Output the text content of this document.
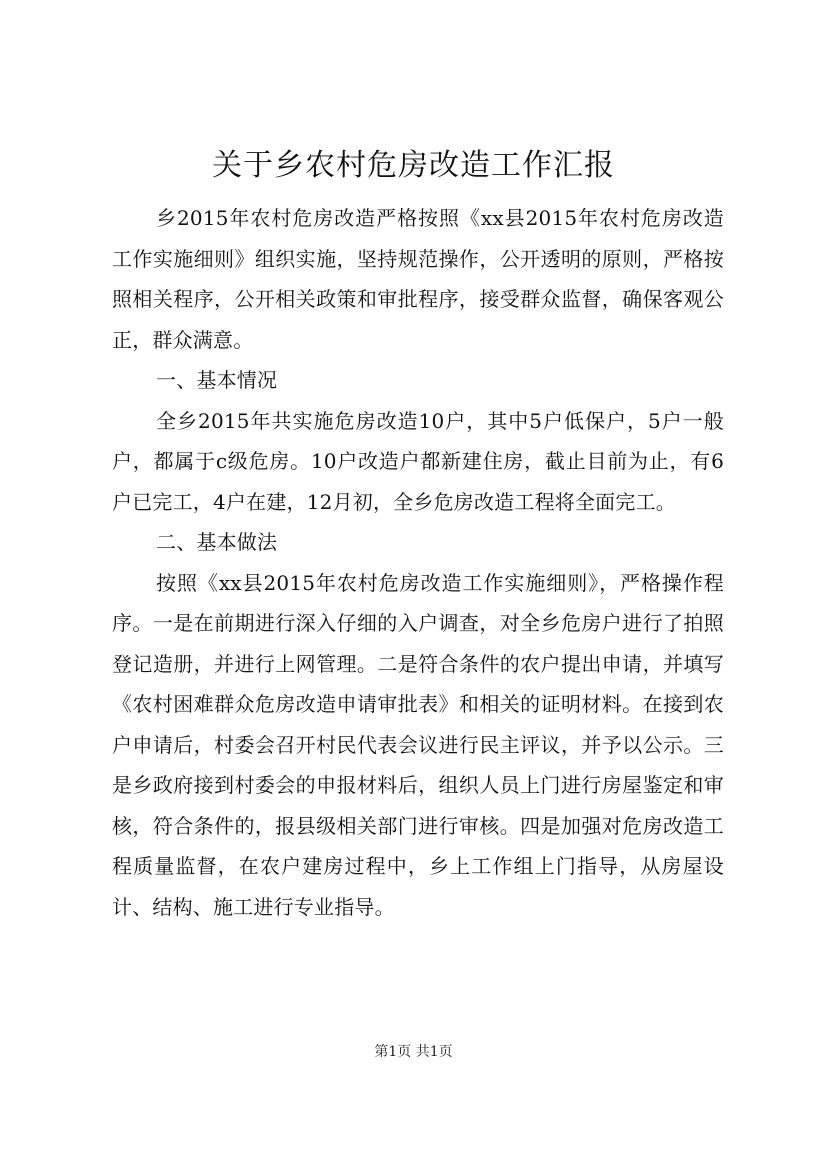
关于乡农村危房改造工作汇报

乡2015年农村危房改造严格按照《xx县2015年农村危房改造工作实施细则》组织实施，坚持规范操作，公开透明的原则，严格按照相关程序，公开相关政策和审批程序，接受群众监督，确保客观公正，群众满意。

一、基本情况

全乡2015年共实施危房改造10户，其中5户低保户，5户一般户，都属于c级危房。10户改造户都新建住房，截止目前为止，有6户已完工，4户在建，12月初，全乡危房改造工程将全面完工。

二、基本做法

按照《xx县2015年农村危房改造工作实施细则》，严格操作程序。一是在前期进行深入仔细的入户调查，对全乡危房户进行了拍照登记造册，并进行上网管理。二是符合条件的农户提出申请，并填写《农村困难群众危房改造申请审批表》和相关的证明材料。在接到农户申请后，村委会召开村民代表会议进行民主评议，并予以公示。三是乡政府接到村委会的申报材料后，组织人员上门进行房屋鉴定和审核，符合条件的，报县级相关部门进行审核。四是加强对危房改造工程质量监督，在农户建房过程中，乡上工作组上门指导，从房屋设计、结构、施工进行专业指导。

第1页 共1页
